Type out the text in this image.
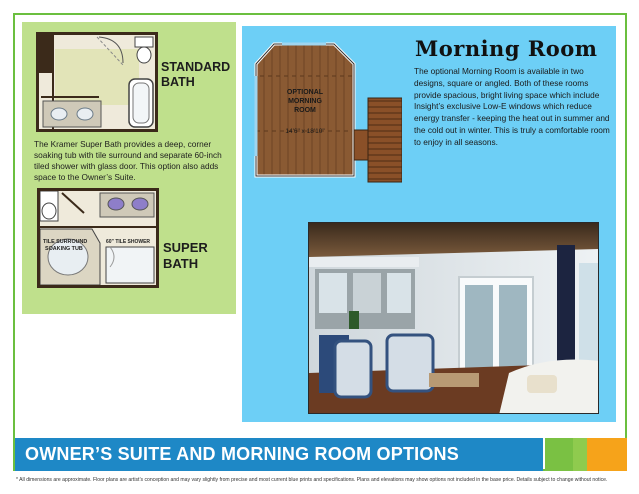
STANDARD
BATH
The Kramer Super Bath provides a deep, corner soaking tub with tile surround and separate 60-inch tiled shower with glass door. This option also adds space to the Owner’s Suite.
TILE SURROUND
SOAKING TUB
60" TILE SHOWER SUPER
BATH
OPTIONAL
MORNING
ROOM
14'6" x 18'10"
Morning Room
The optional Morning Room is available in two designs, square or angled. Both of these rooms provide spacious, bright living space which include Insight’s exclusive Low-E windows which reduce energy transfer - keeping the heat out in summer and the cold out in winter. This is truly a comfortable room to enjoy in all seasons.
OWNER’S SUITE AND MORNING ROOM OPTIONS
* All dimensions are approximate. Floor plans are artist’s conception and may vary slightly from precise and most current blue prints and specifications. Plans and elevations may show options not included in the base price. Details subject to change without notice.
